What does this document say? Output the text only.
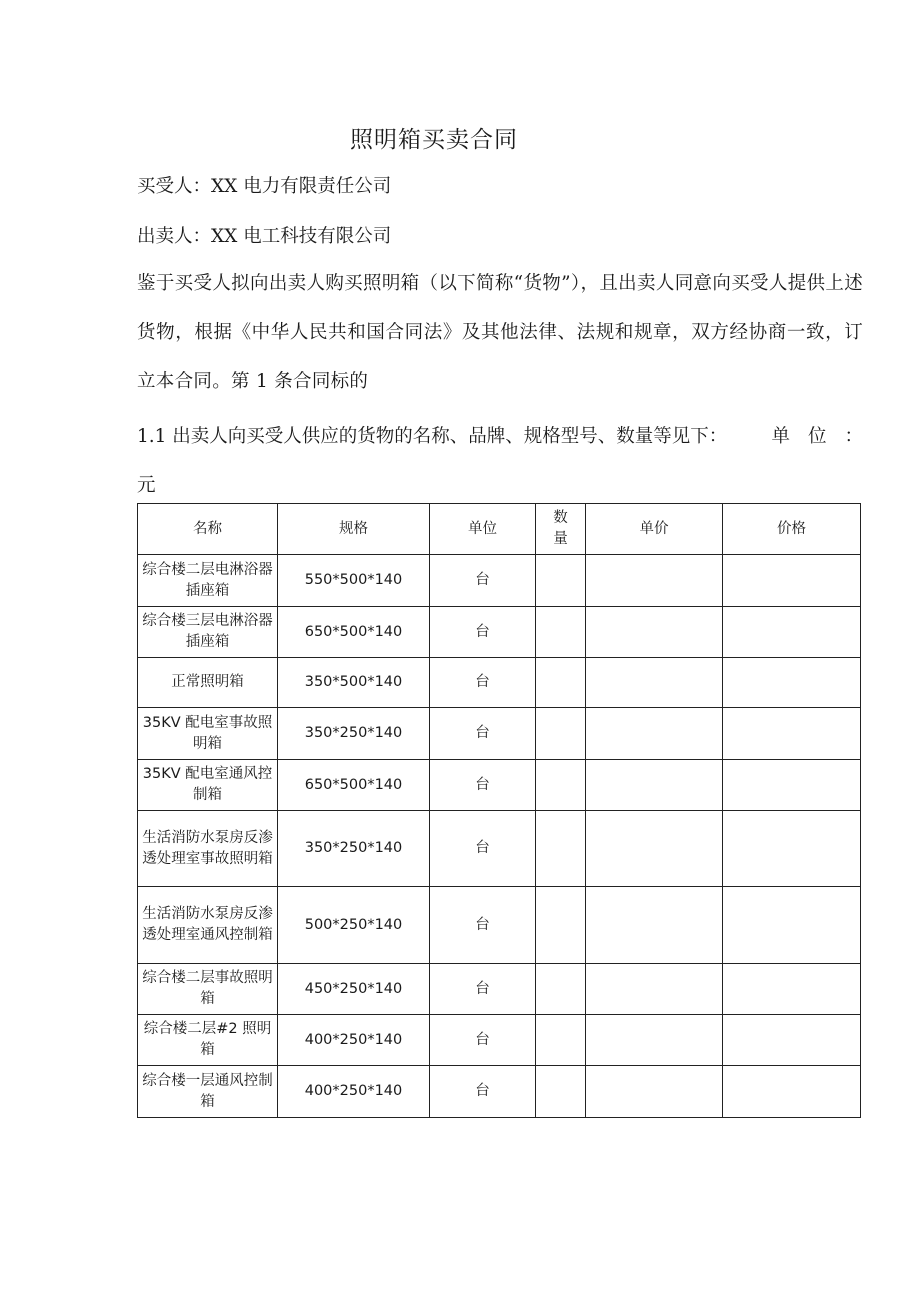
照明箱买卖合同
买受人：XX 电力有限责任公司
出卖人：XX 电工科技有限公司
鉴于买受人拟向出卖人购买照明箱（以下简称“货物”），且出卖人同意向买受人提供上述货物，根据《中华人民共和国合同法》及其他法律、法规和规章，双方经协商一致，订立本合同。第 1 条合同标的
1.1 出卖人向买受人供应的货物的名称、品牌、规格型号、数量等见下： 单位：

元
名称	规格	单位	数量	单价	价格
综合楼二层电淋浴器插座箱	550*500*140	台			
综合楼三层电淋浴器插座箱	650*500*140	台			
正常照明箱	350*500*140	台			
35KV 配电室事故照明箱	350*250*140	台			
35KV 配电室通风控制箱	650*500*140	台			
生活消防水泵房反渗透处理室事故照明箱	350*250*140	台			
生活消防水泵房反渗透处理室通风控制箱	500*250*140	台			
综合楼二层事故照明箱	450*250*140	台			
综合楼二层#2 照明箱	400*250*140	台			
综合楼一层通风控制箱	400*250*140	台			
